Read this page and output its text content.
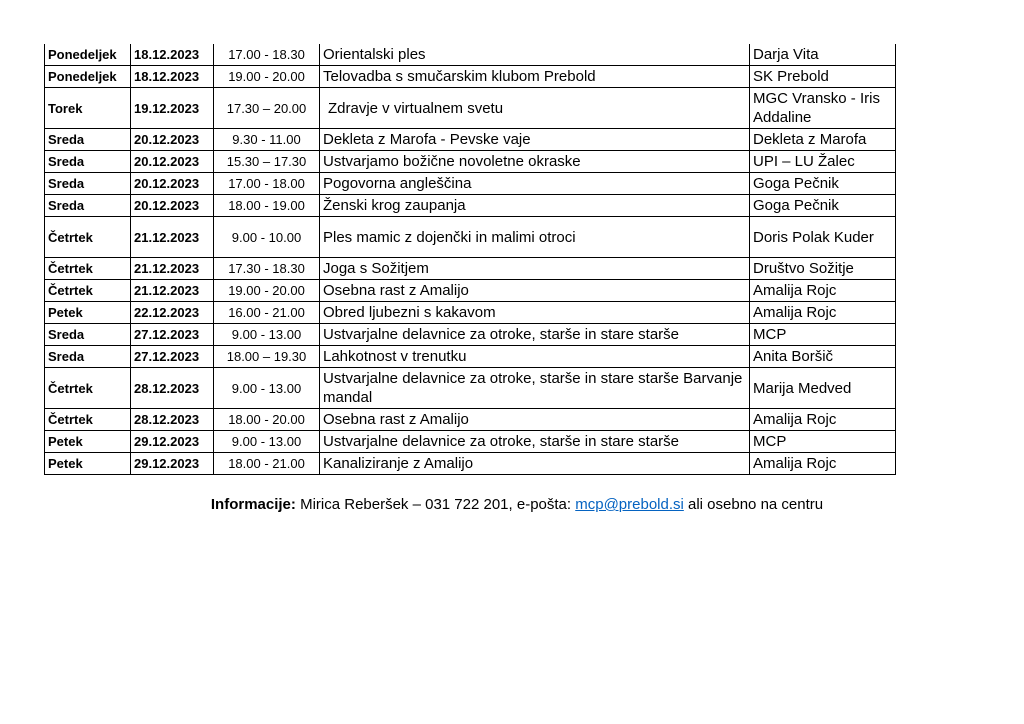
Ponedeljek	18.12.2023	17.00 - 18.30	Orientalski ples	Darja Vita
Ponedeljek	18.12.2023	19.00 - 20.00	Telovadba s smučarskim klubom Prebold	SK Prebold
Torek	19.12.2023	17.30 – 20.00	Zdravje v virtualnem svetu	MGC Vransko - Iris Addaline
Sreda	20.12.2023	9.30 - 11.00	Dekleta z Marofa - Pevske vaje	Dekleta z Marofa
Sreda	20.12.2023	15.30 – 17.30	Ustvarjamo božične novoletne okraske	UPI – LU Žalec
Sreda	20.12.2023	17.00 - 18.00	Pogovorna angleščina	Goga Pečnik
Sreda	20.12.2023	18.00 - 19.00	Ženski krog zaupanja	Goga Pečnik
Četrtek	21.12.2023	9.00 - 10.00	Ples mamic z dojenčki in malimi otroci	Doris Polak Kuder
Četrtek	21.12.2023	17.30 - 18.30	Joga s Sožitjem	Društvo Sožitje
Četrtek	21.12.2023	19.00 - 20.00	Osebna rast z Amalijo	Amalija Rojc
Petek	22.12.2023	16.00 - 21.00	Obred ljubezni s kakavom	Amalija Rojc
Sreda	27.12.2023	9.00 - 13.00	Ustvarjalne delavnice za otroke, starše in stare starše	MCP
Sreda	27.12.2023	18.00 – 19.30	Lahkotnost v trenutku	Anita Boršič
Četrtek	28.12.2023	9.00 - 13.00	Ustvarjalne delavnice za otroke, starše in stare starše Barvanje mandal	Marija Medved
Četrtek	28.12.2023	18.00 - 20.00	Osebna rast z Amalijo	Amalija Rojc
Petek	29.12.2023	9.00 - 13.00	Ustvarjalne delavnice za otroke, starše in stare starše	MCP
Petek	29.12.2023	18.00 - 21.00	Kanaliziranje z Amalijo	Amalija Rojc
Informacije: Mirica Reberšek – 031 722 201, e-pošta: mcp@prebold.si ali osebno na centru
